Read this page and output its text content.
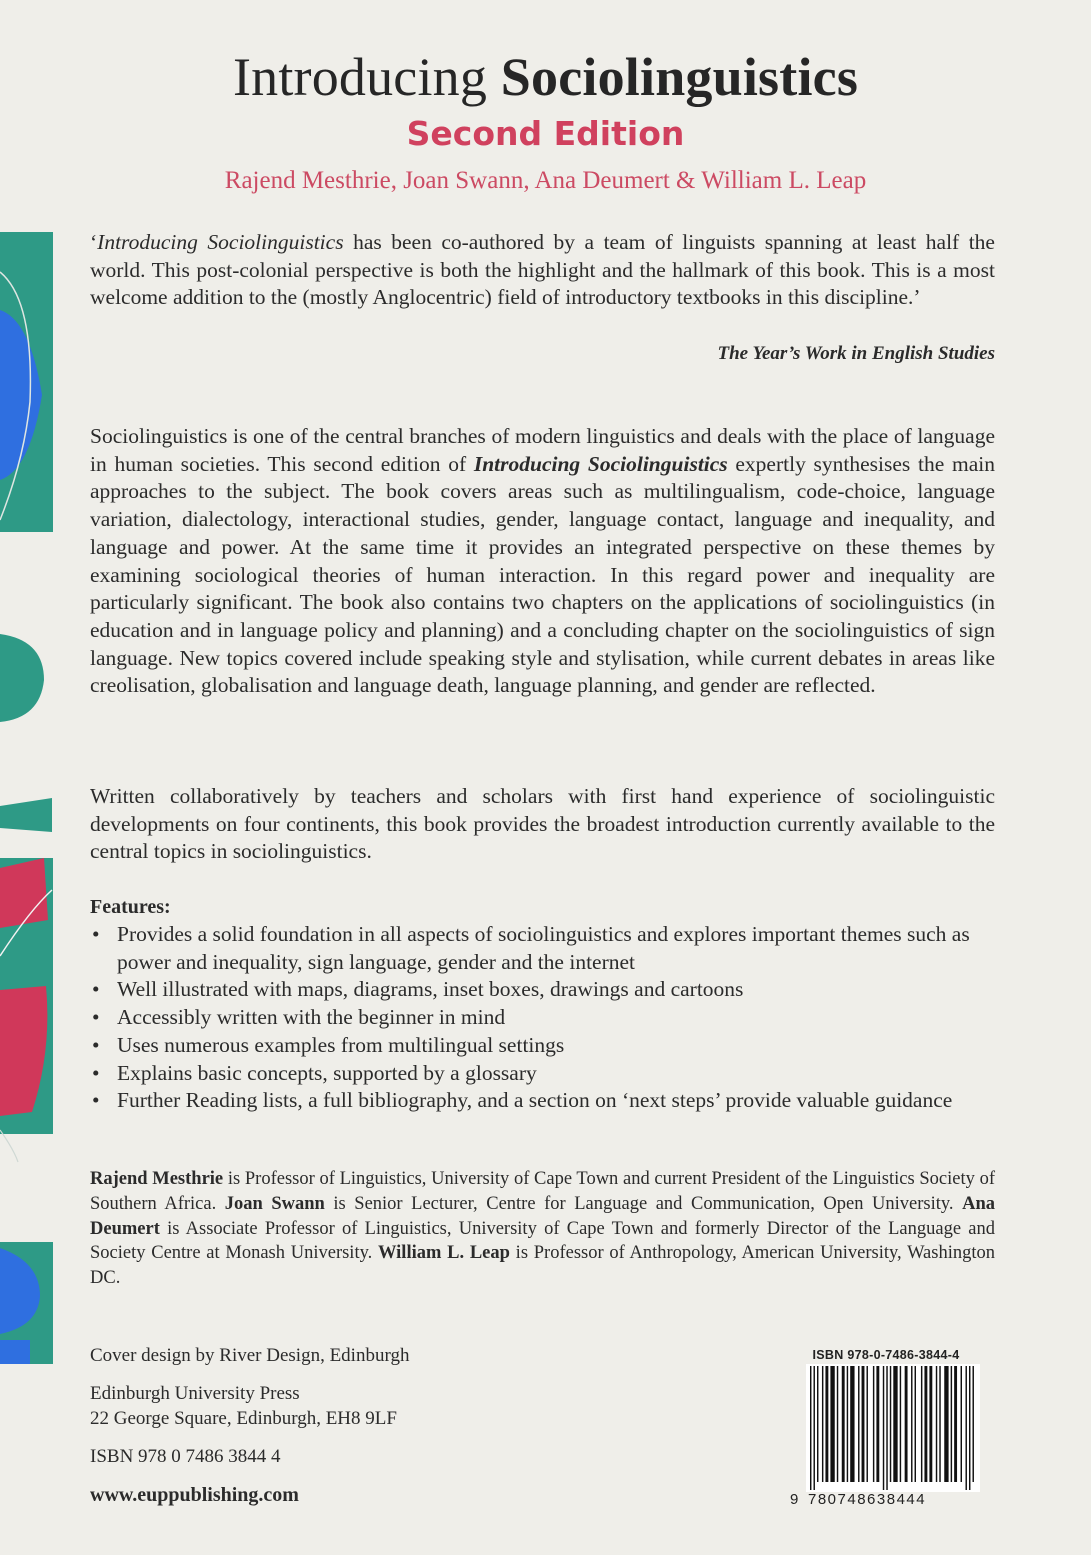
Introducing Sociolinguistics
Second Edition
Rajend Mesthrie, Joan Swann, Ana Deumert & William L. Leap
‘Introducing Sociolinguistics has been co-authored by a team of linguists spanning at least half the world. This post-colonial perspective is both the highlight and the hallmark of this book. This is a most welcome addition to the (mostly Anglocentric) field of introductory textbooks in this discipline.’
The Year’s Work in English Studies
Sociolinguistics is one of the central branches of modern linguistics and deals with the place of language in human societies. This second edition of Introducing Sociolinguistics expertly synthesises the main approaches to the subject. The book covers areas such as multilingualism, code-choice, language variation, dialectology, interactional studies, gender, language contact, language and inequality, and language and power. At the same time it provides an integrated perspective on these themes by examining sociological theories of human interaction. In this regard power and inequality are particularly significant. The book also contains two chapters on the applications of sociolinguistics (in education and in language policy and planning) and a concluding chapter on the sociolinguistics of sign language. New topics covered include speaking style and stylisation, while current debates in areas like creolisation, globalisation and language death, language planning, and gender are reflected.
Written collaboratively by teachers and scholars with first hand experience of sociolinguistic developments on four continents, this book provides the broadest introduction currently available to the central topics in sociolinguistics.
Features:
• Provides a solid foundation in all aspects of sociolinguistics and explores important themes such as power and inequality, sign language, gender and the internet
• Well illustrated with maps, diagrams, inset boxes, drawings and cartoons
• Accessibly written with the beginner in mind
• Uses numerous examples from multilingual settings
• Explains basic concepts, supported by a glossary
• Further Reading lists, a full bibliography, and a section on ‘next steps’ provide valuable guidance
Rajend Mesthrie is Professor of Linguistics, University of Cape Town and current President of the Linguistics Society of Southern Africa. Joan Swann is Senior Lecturer, Centre for Language and Communication, Open University. Ana Deumert is Associate Professor of Linguistics, University of Cape Town and formerly Director of the Language and Society Centre at Monash University. William L. Leap is Professor of Anthropology, American University, Washington DC.
Cover design by River Design, Edinburgh
Edinburgh University Press
22 George Square, Edinburgh, EH8 9LF
ISBN 978 0 7486 3844 4
www.euppublishing.com
ISBN 978-0-7486-3844-4
9 780748638444
